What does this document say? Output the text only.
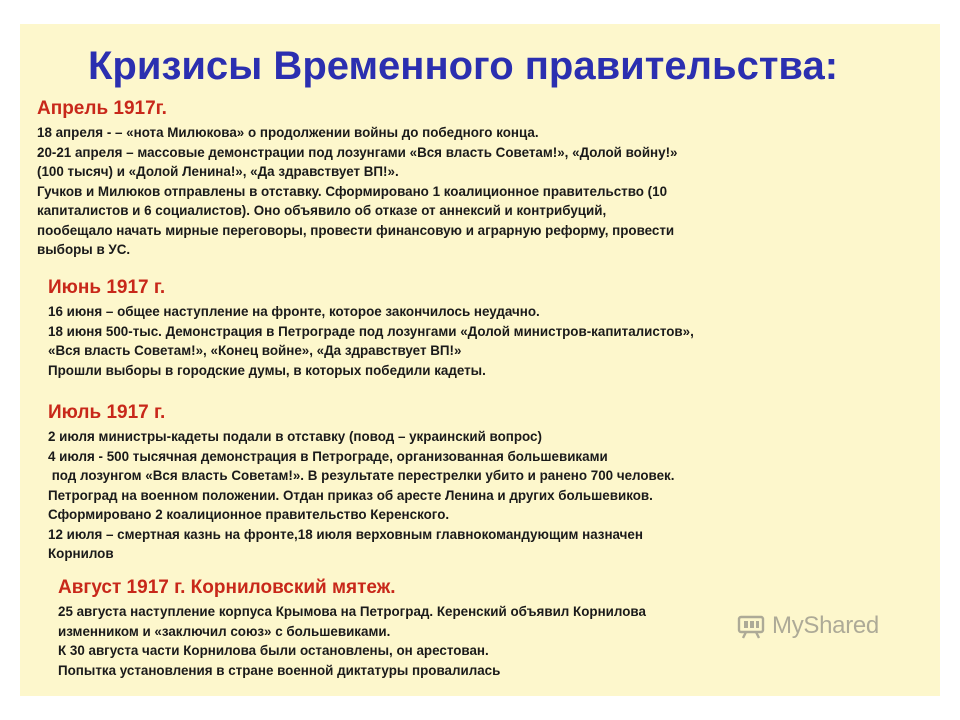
Кризисы Временного правительства:
Апрель 1917г.
18 апреля - – «нота Милюкова» о продолжении войны до победного конца.
20-21 апреля – массовые демонстрации под лозунгами «Вся власть Советам!», «Долой войну!»
(100 тысяч) и «Долой Ленина!», «Да здравствует ВП!».
Гучков и Милюков отправлены в отставку. Сформировано 1 коалиционное правительство (10
капиталистов и 6 социалистов). Оно объявило об отказе от аннексий и контрибуций,
пообещало начать мирные переговоры, провести финансовую и аграрную реформу, провести
выборы в УС.
Июнь 1917 г.
16 июня – общее наступление на фронте, которое закончилось неудачно.
18 июня 500-тыс. Демонстрация в Петрограде под лозунгами «Долой министров-капиталистов»,
«Вся власть Советам!», «Конец войне», «Да здравствует ВП!»
Прошли выборы в городские думы, в которых победили кадеты.
Июль 1917 г.
2 июля министры-кадеты подали в отставку (повод – украинский вопрос)
4 июля - 500 тысячная демонстрация в Петрограде, организованная большевиками
под лозунгом «Вся власть Советам!». В результате перестрелки убито и ранено 700 человек.
Петроград на военном положении. Отдан приказ об аресте Ленина и других большевиков.
Сформировано 2 коалиционное правительство Керенского.
12 июля – смертная казнь на фронте,18 июля верховным главнокомандующим назначен
Корнилов
Август 1917 г. Корниловский мятеж.
25 августа наступление корпуса Крымова на Петроград. Керенский объявил Корнилова
изменником и «заключил союз» с большевиками.
К 30 августа части Корнилова были остановлены, он арестован.
Попытка установления в стране военной диктатуры провалилась
MyShared
